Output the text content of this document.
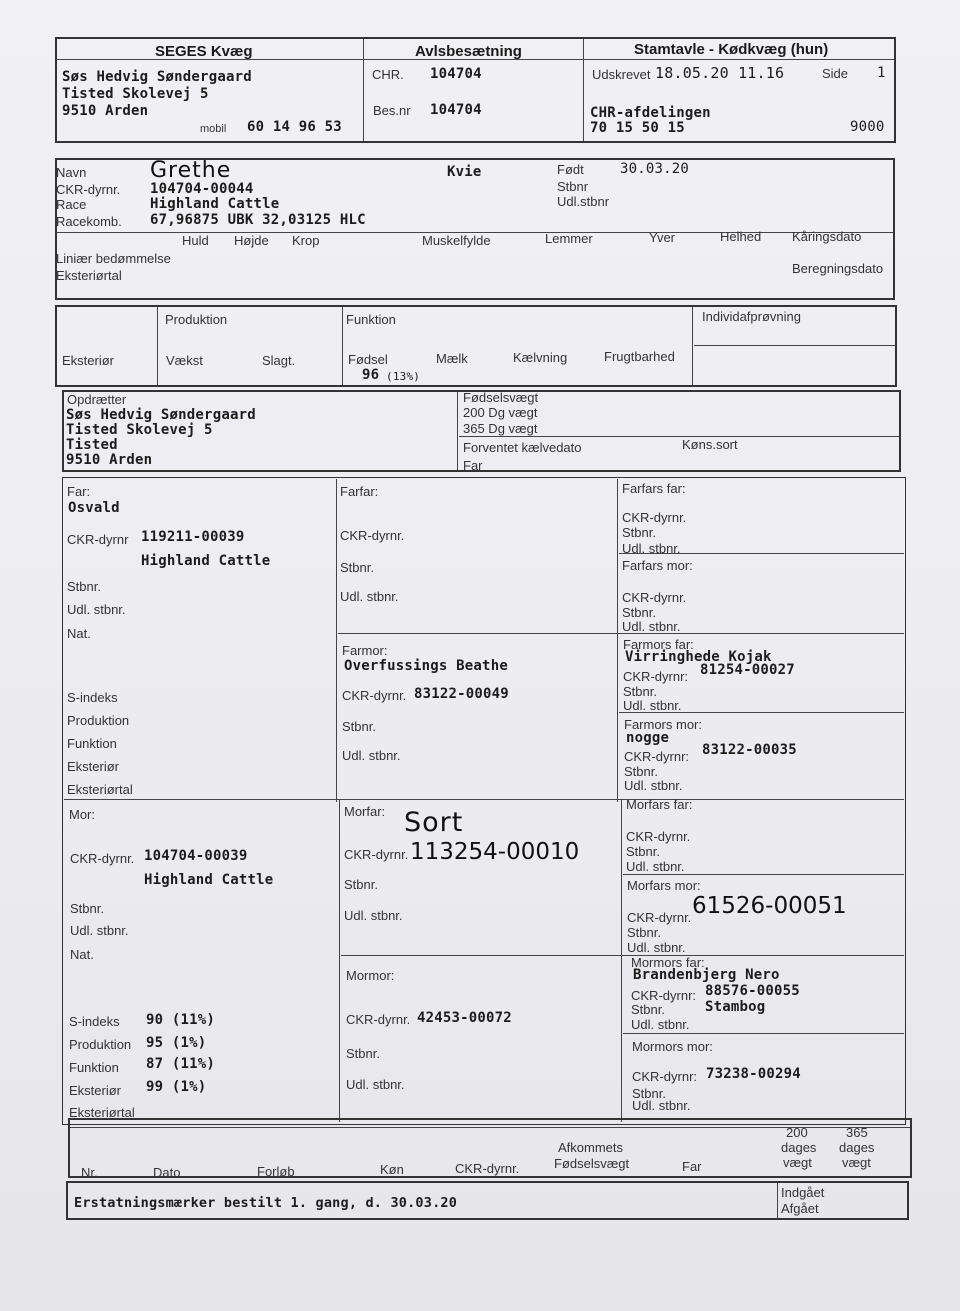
SEGES Kvæg	Avlsbesætning	Stamtavle - Kødkvæg (hun)
Søs Hedvig Søndergaard
Tisted Skolevej 5
9510 Arden
mobil 60 14 96 53
CHR. 104704
Bes.nr 104704
Udskrevet 18.05.20 11.16	Side 1
CHR-afdelingen
70 15 50 15	9000
Navn	Grethe	Kvie	Født	30.03.20
CKR-dyrnr. 104704-00044	Stbnr
Race	Highland Cattle	Udl.stbnr
Racekomb. 67,96875 UBK 32,03125 HLC
Huld Højde Krop	Muskelfylde	Lemmer	Yver	Helhed Kåringsdato
Liniær bedømmelse
Eksteriørtal	Beregningsdato
Produktion	Funktion	Individafprøvning
Eksteriør	Vækst	Slagt.	Fødsel	Mælk	Kælvning	Frugtbarhed
96 (13%)
Opdrætter
Søs Hedvig Søndergaard
Tisted Skolevej 5
Tisted
9510 Arden
Fødselsvægt
200 Dg vægt
365 Dg vægt
Forventet kælvedato	Køns.sort
Far
Far:
Osvald
CKR-dyrnr 119211-00039
Highland Cattle
Stbnr.
Udl. stbnr.
Nat.
S-indeks
Produktion
Funktion
Eksteriør
Eksteriørtal
Farfar:
CKR-dyrnr.
Stbnr.
Udl. stbnr.
Farmor:
Overfussings Beathe
CKR-dyrnr. 83122-00049
Stbnr.
Udl. stbnr.
Farfars far:
CKR-dyrnr.
Stbnr.
Udl. stbnr.
Farfars mor:
CKR-dyrnr.
Stbnr.
Udl. stbnr.
Farmors far:
Virringhede Kojak
CKR-dyrnr: 81254-00027
Stbnr.
Udl. stbnr.
Farmors mor:
nogge
CKR-dyrnr: 83122-00035
Stbnr.
Udl. stbnr.
Mor:
CKR-dyrnr. 104704-00039
Highland Cattle
Stbnr.
Udl. stbnr.
Nat.
S-indeks 90 (11%)
Produktion 95 (1%)
Funktion 87 (11%)
Eksteriør 99 (1%)
Eksteriørtal
Morfar: Sort
CKR-dyrnr. 113254-00010
Stbnr.
Udl. stbnr.
Mormor:
CKR-dyrnr. 42453-00072
Stbnr.
Udl. stbnr.
Morfars far:
CKR-dyrnr.
Stbnr.
Udl. stbnr.
Morfars mor:
CKR-dyrnr. 61526-00051
Stbnr.
Udl. stbnr.
Mormors far:
Brandenbjerg Nero
CKR-dyrnr: 88576-00055
Stbnr.	Stambog
Udl. stbnr.
Mormors mor:
CKR-dyrnr: 73238-00294
Stbnr.
Udl. stbnr.
Nr.	Dato	Forløb	Køn	CKR-dyrnr.
Afkommets
Fødselsvægt	Far
200
dages
vægt
365
dages
vægt
Erstatningsmærker bestilt 1. gang, d. 30.03.20
Indgået
Afgået
